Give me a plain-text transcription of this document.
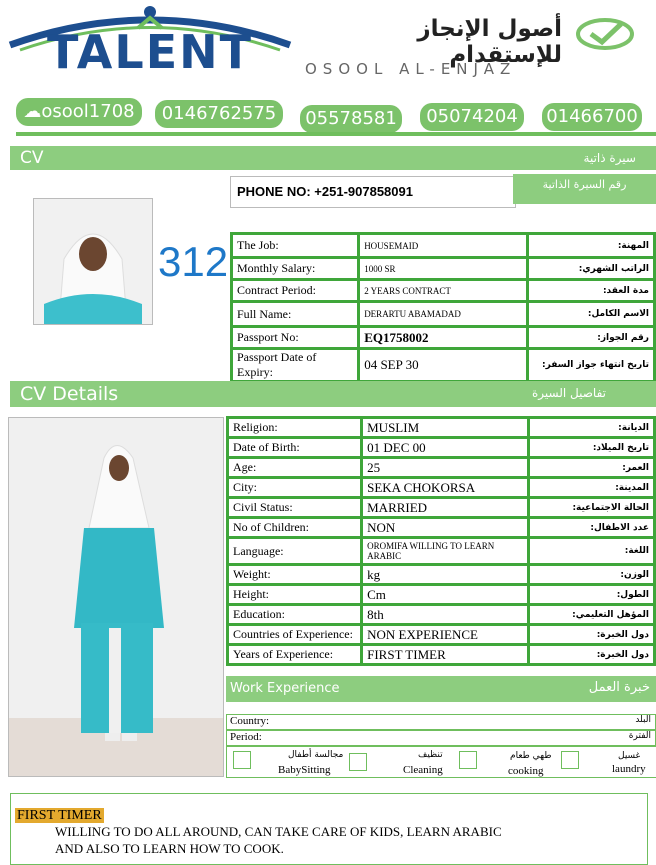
TALENT	أصول الإنجاز للإستقدام
OSOOL AL-ENJAZ
☁osool1708	0146762575	05578581	05074204	01466700
CV	سيرة ذاتية
PHONE NO: +251-907858091	رقم السيرة الذاتية
312 The Job:	HOUSEMAID	المهنة:
Monthly Salary:	1000 SR	الراتب الشهري:
Contract Period:	2 YEARS CONTRACT	مدة العقد:
Full Name:	DERARTU ABAMADAD	الاسم الكامل:
Passport No:	EQ1758002	رقم الجواز:
Passport Date of Expiry:	04 SEP 30	تاريخ انتهاء جواز السفر:
CV Details	تفاصيل السيرة
Religion:	MUSLIM	الديانة:
Date of Birth:	01 DEC 00	تاريخ الميلاد:
Age:	25	العمر:
City:	SEKA CHOKORSA	المدينة:
Civil Status:	MARRIED	الحالة الاجتماعية:
No of Children:	NON	عدد الاطفال:
Language:	OROMIFA WILLING TO LEARN ARABIC	اللغة:
Weight:	kg	الوزن:
Height:	Cm	الطول:
Education:	8th	المؤهل التعليمي:
Countries of Experience:	NON EXPERIENCE	دول الخبرة:
Years of Experience:	FIRST TIMER	دول الخبرة:
Work Experience	خبرة العمل
Country:	البلد
Period:	الفترة
مجالسة أطفال
BabySitting
تنظيف
Cleaning
طهي طعام
cooking
غسيل
laundry
FIRST TIMER
WILLING TO DO ALL AROUND, CAN TAKE CARE OF KIDS, LEARN ARABIC
AND ALSO TO LEARN HOW TO COOK.
